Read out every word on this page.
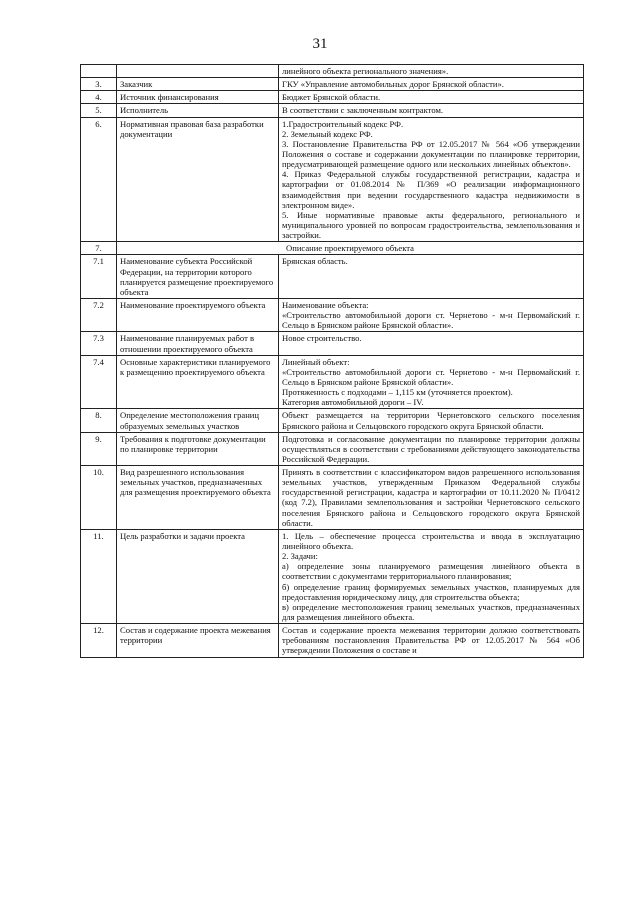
31

		линейного объекта регионального значения».

3.	Заказчик	ГКУ «Управление автомобильных дорог Брянской области».

4.	Источник финансирования	Бюджет Брянской области.

5.	Исполнитель	В соответствии с заключенным контрактом.

6.	Нормативная правовая база разработки документации	1.Градостроительный кодекс РФ.
2. Земельный кодекс РФ.
3. Постановление Правительства РФ от 12.05.2017 № 564 «Об утверждении Положения о составе и содержании документации по планировке территории, предусматривающей размещение одного или нескольких линейных объектов».
4. Приказ Федеральной службы государственной регистрации, кадастра и картографии от 01.08.2014 № П/369 «О реализации информационного взаимодействия при ведении государственного кадастра недвижимости в электронном виде».
5. Иные нормативные правовые акты федерального, регионального и муниципального уровней по вопросам градостроительства, землепользования и застройки.

7.	Описание проектируемого объекта	
7.1	Наименование субъекта Российской Федерации, на территории которого планируется размещение проектируемого объекта	Брянская область.

7.2	Наименование проектируемого объекта	Наименование объекта:
«Строительство автомобильной дороги ст. Чернетово - м-н Первомайский г. Сельцо в Брянском районе Брянской области».

7.3	Наименование планируемых работ в отношении проектируемого объекта	Новое строительство.

7.4	Основные характеристики планируемого к размещению проектируемого объекта	Линейный объект:
«Строительство автомобильной дороги ст. Чернетово - м-н Первомайский г. Сельцо в Брянском районе Брянской области».
Протяженность с подходами – 1,115 км (уточняется проектом).
Категория автомобильной дороги – IV.

8.	Определение местоположения границ образуемых земельных участков	Объект размещается на территории Чернетовского сельского поселения Брянского района и Сельцовского городского округа Брянской области.

9.	Требования к подготовке документации по планировке территории	Подготовка и согласование документации по планировке территории должны осуществляться в соответствии с требованиями действующего законодательства Российской Федерации.

10.	Вид разрешенного использования земельных участков, предназначенных для размещения проектируемого объекта	Принять в соответствии с классификатором видов разрешенного использования земельных участков, утвержденным Приказом Федеральной службы государственной регистрации, кадастра и картографии от 10.11.2020 № П/0412 (код 7.2), Правилами землепользования и застройки Чернетовского сельского поселения Брянского района и Сельцовского городского округа Брянской области.

11.	Цель разработки и задачи проекта	1. Цель – обеспечение процесса строительства и ввода в эксплуатацию линейного объекта.
2. Задачи:
а) определение зоны планируемого размещения линейного объекта в соответствии с документами территориального планирования;
б) определение границ формируемых земельных участков, планируемых для предоставления юридическому лицу, для строительства объекта;
в) определение местоположения границ земельных участков, предназначенных для размещения линейного объекта.

12.	Состав и содержание проекта межевания территории	Состав и содержание проекта межевания территории должно соответствовать требованиям постановления Правительства РФ от 12.05.2017 № 564 «Об утверждении Положения о составе и
